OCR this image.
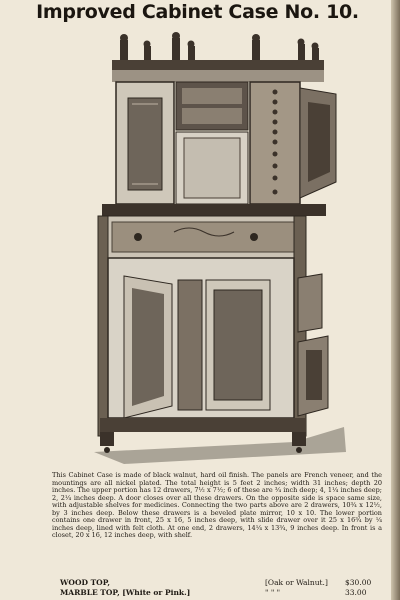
Improved Cabinet Case No. 10.
This Cabinet Case is made of black walnut, hard oil finish. The panels are French veneer, and the mountings are all nickel plated. The total height is 5 feet 2 inches; width 31 inches; depth 20 inches. The upper portion has 12 drawers, 7½ x 7½; 6 of these are ¾ inch deep; 4, 1¼ inches deep; 2, 2¼ inches deep. A door closes over all these drawers. On the opposite side is space same size, with adjustable shelves for medicines. Connecting the two parts above are 2 drawers, 10¾ x 12½, by 3 inches deep. Below these drawers is a beveled plate mirror, 10 x 10. The lower portion contains one drawer in front, 25 x 16, 5 inches deep, with slide drawer over it 25 x 16¾ by ¼ inches deep, lined with felt cloth. At one end, 2 drawers, 14¼ x 13¾, 9 inches deep. In front is a closet, 20 x 16, 12 inches deep, with shelf.
WOOD TOP,	[Oak or Walnut.] $30.00
MARBLE TOP, [White or Pink.]	" " "	33.00
